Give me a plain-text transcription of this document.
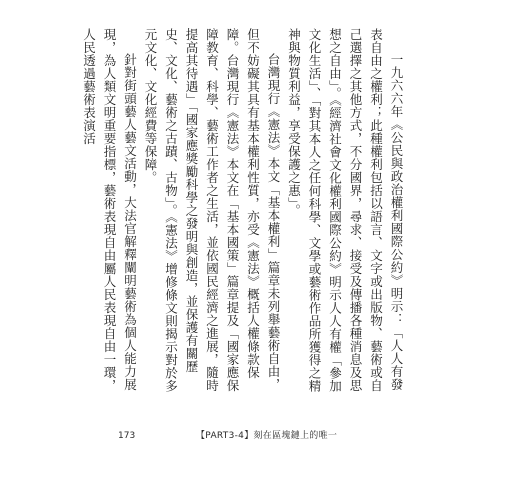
一九六六年《公民與政治權利國際公約》明示：「人人有發表自由之權利；此種權利包括以語言、文字或出版物、藝術或自己選擇之其他方式，不分國界，尋求、接受及傳播各種消息及思想之自由」。《經濟社會文化權利國際公約》明示人人有權「參加文化生活」、「對其本人之任何科學、文學或藝術作品所獲得之精神與物質利益，享受保護之惠」。

台灣現行《憲法》本文「基本權利」篇章未列舉藝術自由，但不妨礙其具有基本權利性質，亦受《憲法》概括人權條款保障。台灣現行《憲法》本文在「基本國策」篇章提及「國家應保障教育、科學、藝術工作者之生活，並依國民經濟之進展，隨時提高其待遇」「國家應獎勵科學之發明與創造，並保護有關歷史、文化、藝術之古蹟、古物」。《憲法》增修條文則揭示對於多元文化、文化經費等保障。

針對街頭藝人藝文活動，大法官解釋闡明藝術為個人能力展現，為人類文明重要指標，藝術表現自由屬人民表現自由一環，人民透過藝術表演活

173	【PART3-4】刻在區塊鏈上的唯一
